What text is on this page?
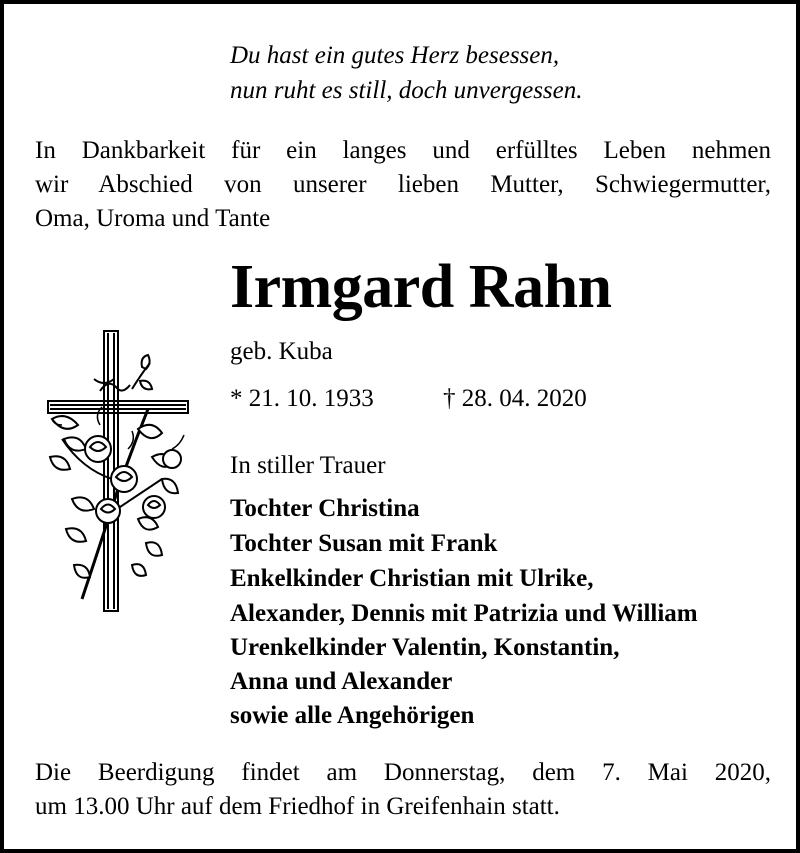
Du hast ein gutes Herz besessen,
nun ruht es still, doch unvergessen.
In Dankbarkeit für ein langes und erfülltes Leben nehmen
wir Abschied von unserer lieben Mutter, Schwiegermutter,
Oma, Uroma und Tante
Irmgard Rahn
geb. Kuba
* 21. 10. 1933	† 28. 04. 2020
In stiller Trauer
Tochter Christina
Tochter Susan mit Frank
Enkelkinder Christian mit Ulrike,
Alexander, Dennis mit Patrizia und William
Urenkelkinder Valentin, Konstantin,
Anna und Alexander
sowie alle Angehörigen
Die Beerdigung findet am Donnerstag, dem 7. Mai 2020,
um 13.00 Uhr auf dem Friedhof in Greifenhain statt.
